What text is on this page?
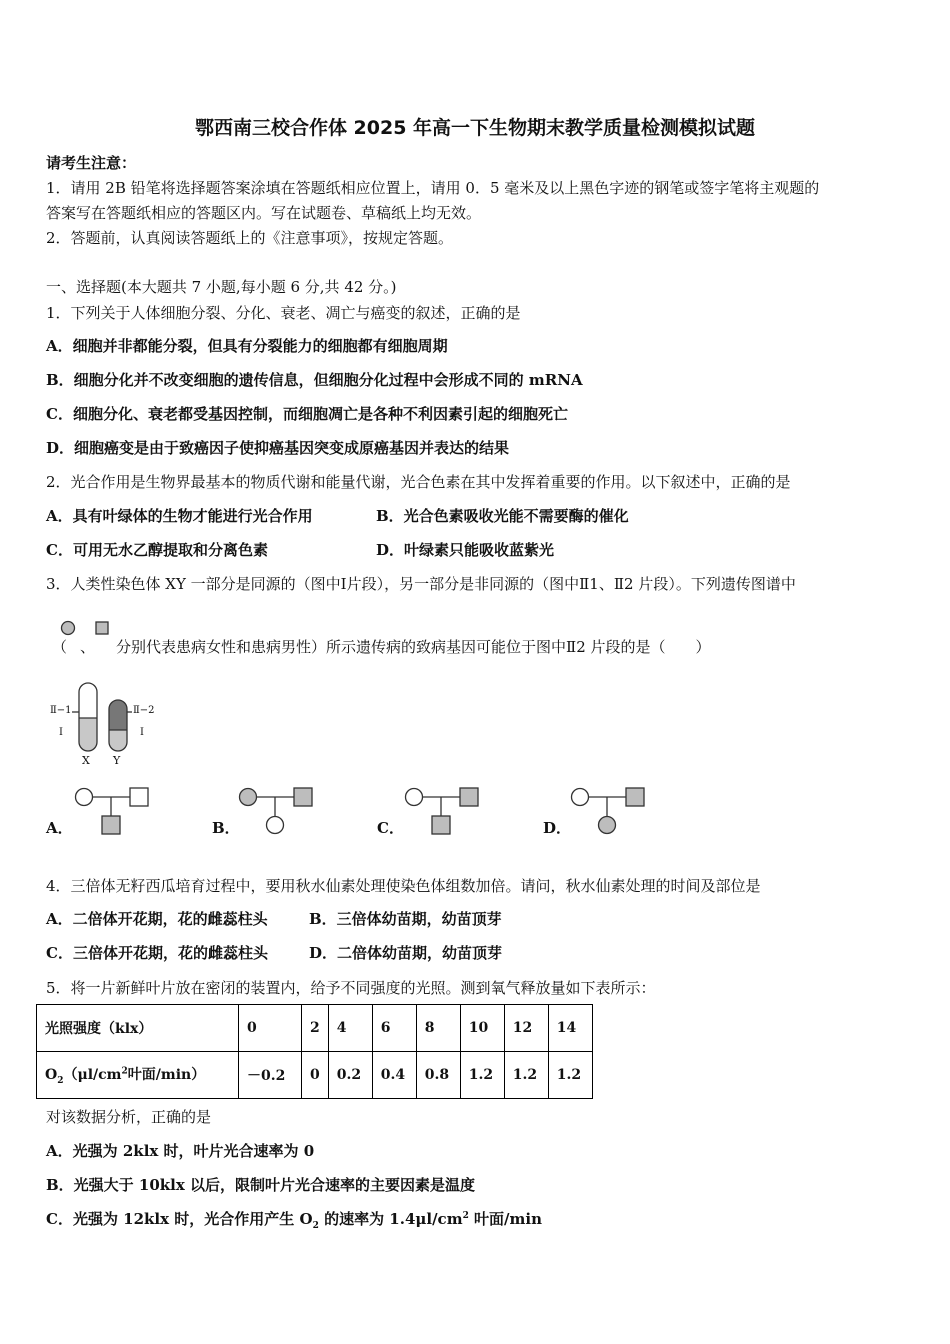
鄂西南三校合作体 2025 年高一下生物期末教学质量检测模拟试题
请考生注意：
1．请用 2B 铅笔将选择题答案涂填在答题纸相应位置上，请用 0．5 毫米及以上黑色字迹的钢笔或签字笔将主观题的
答案写在答题纸相应的答题区内。写在试题卷、草稿纸上均无效。
2．答题前，认真阅读答题纸上的《注意事项》，按规定答题。
一、选择题(本大题共 7 小题,每小题 6 分,共 42 分。)
1．下列关于人体细胞分裂、分化、衰老、凋亡与癌变的叙述，正确的是
A．细胞并非都能分裂，但具有分裂能力的细胞都有细胞周期
B．细胞分化并不改变细胞的遗传信息，但细胞分化过程中会形成不同的 mRNA
C．细胞分化、衰老都受基因控制，而细胞凋亡是各种不利因素引起的细胞死亡
D．细胞癌变是由于致癌因子使抑癌基因突变成原癌基因并表达的结果
2．光合作用是生物界最基本的物质代谢和能量代谢，光合色素在其中发挥着重要的作用。以下叙述中，正确的是
A．具有叶绿体的生物才能进行光合作用	B．光合色素吸收光能不需要酶的催化
C．可用无水乙醇提取和分离色素	D．叶绿素只能吸收蓝紫光
3．人类性染色体 XY 一部分是同源的（图中Ⅰ片段），另一部分是非同源的（图中Ⅱ1、Ⅱ2 片段）。下列遗传图谱中
（ 、 分别代表患病女性和患病男性）所示遗传病的致病基因可能位于图中Ⅱ2 片段的是（　　）
Ⅱ−1
Ⅰ
Ⅱ−2
Ⅰ
X Y
A．	B．	C．	D．
4．三倍体无籽西瓜培育过程中，要用秋水仙素处理使染色体组数加倍。请问，秋水仙素处理的时间及部位是
A．二倍体开花期，花的雌蕊柱头	B．三倍体幼苗期，幼苗顶芽
C．三倍体开花期，花的雌蕊柱头	D．二倍体幼苗期，幼苗顶芽
5．将一片新鲜叶片放在密闭的装置内，给予不同强度的光照。测到氧气释放量如下表所示：
光照强度（klx）	0	2	4	6	8	10	12	14
$O_2(\mu l/cm^2$叶面/min）	－0.2	0	0.2	0.4	0.8	1.2	1.2	1.2
对该数据分析，正确的是
A．光强为 2klx 时，叶片光合速率为 0
B．光强大于 10klx 以后，限制叶片光合速率的主要因素是温度
C．光强为 12klx 时，光合作用产生 $O_2$ 的速率为 $1.4\mu l/cm^2$ 叶面/min
